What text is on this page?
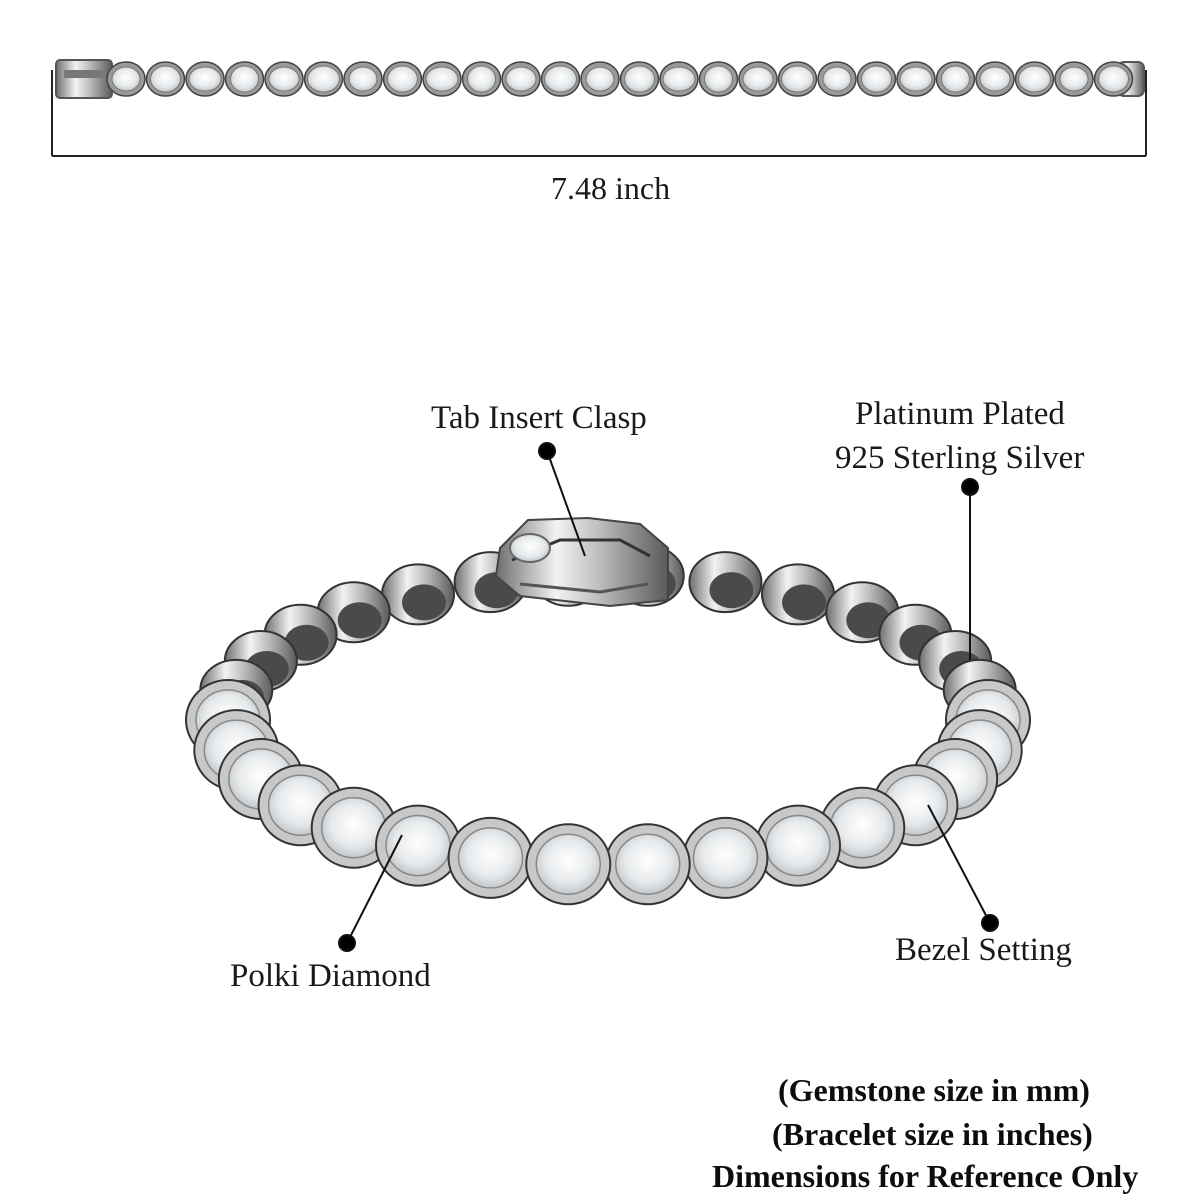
7.48 inch
Tab Insert Clasp	Platinum Plated
925 Sterling Silver
Polki Diamond
Bezel Setting
(Gemstone size in mm)
(Bracelet size in inches)
Dimensions for Reference Only
